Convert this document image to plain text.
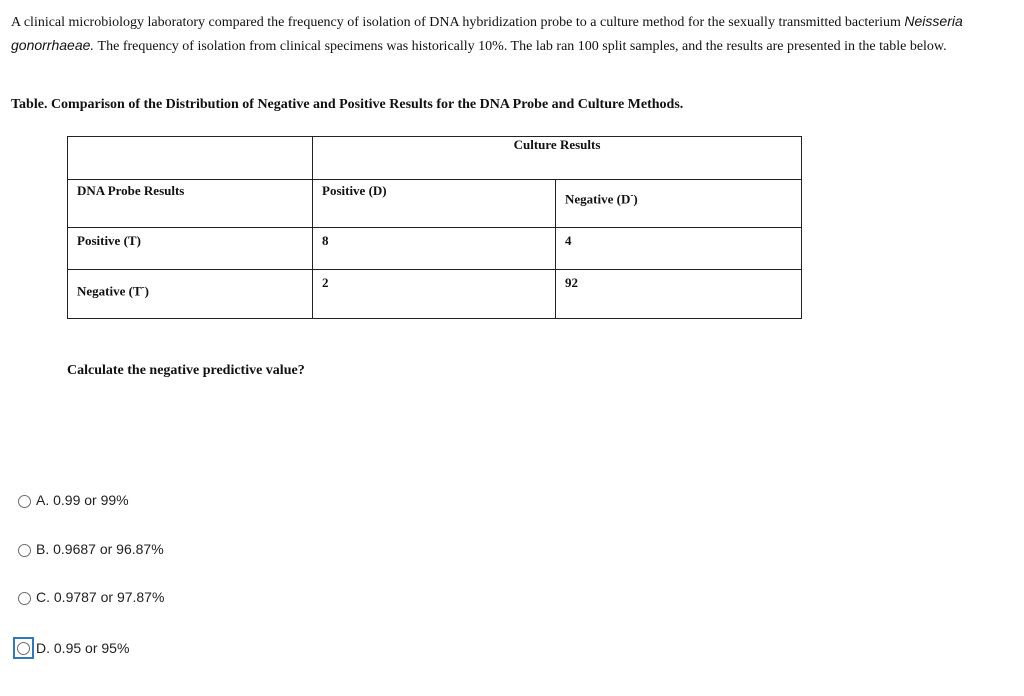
A clinical microbiology laboratory compared the frequency of isolation of DNA hybridization probe to a culture method for the sexually transmitted bacterium Neisseria gonorrhaeae. The frequency of isolation from clinical specimens was historically 10%. The lab ran 100 split samples, and the results are presented in the table below.
Table. Comparison of the Distribution of Negative and Positive Results for the DNA Probe and Culture Methods.
	Culture Results	

DNA Probe Results	Positive (D)	Negative (D-)

Positive (T)	8	4

Negative (T-)	2	92
Calculate the negative predictive value?
A. 0.99 or 99%
B. 0.9687 or 96.87%
C. 0.9787 or 97.87%
D. 0.95 or 95%
